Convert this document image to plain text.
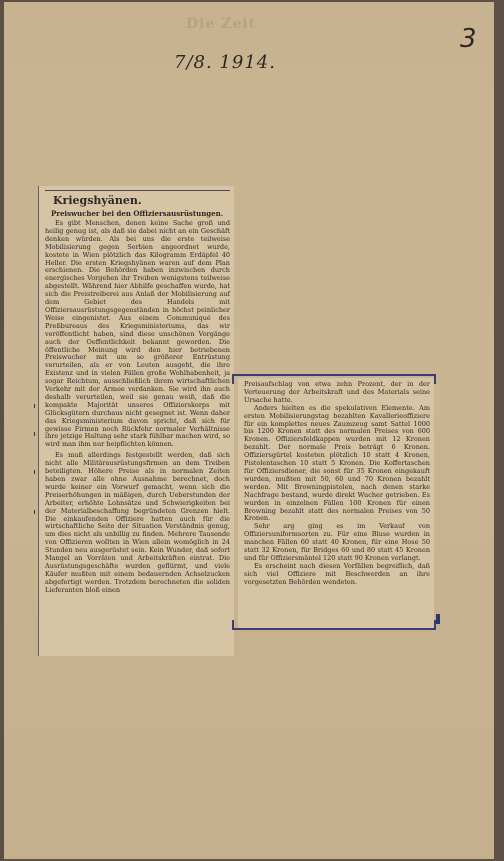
Die Zeit
7/8. 1914.
3
Kriegshyänen.
Preiswucher bei den Offiziersausrüstungen.

Es gibt Menschen, denen keine Sache groß und heilig genug ist, als daß sie dabei nicht an ein Geschäft denken würden. Als bei uns die erste teilweise Mobilisierung gegen Serbien angeordnet wurde, kostete in Wien plötzlich das Kilogramm Erdäpfel 40 Heller. Die ersten Kriegshyänen waren auf dem Plan erschienen. Die Behörden haben inzwischen durch energisches Vorgehen ihr Treiben wenigstens teilweise abgestellt. Während hier Abhilfe geschaffen wurde, hat sich die Preistreiberei aus Anlaß der Mobilisierung auf dem Gebiet des Handels mit Offiziersausrüstungsgegenständen in höchst peinlicher Weise eingenistet. Aus einem Communiqué des Preßbureaus des Kriegsministeriums, das wir veröffentlicht haben, sind diese unschönen Vorgänge auch der Oeffentlichkeit bekannt geworden. Die öffentliche Meinung wird den hier betriebenen Preiswucher mit um so größerer Entrüstung verurteilen, als er von Leuten ausgeht, die ihre Existenz und in vielen Fällen große Wohlhabenheit, ja sogar Reichtum, ausschließlich ihrem wirtschaftlichen Verkehr mit der Armee verdanken. Sie wird ihn auch deshalb verurteilen, weil sie genau weiß, daß die kompakte Majorität unseres Offizierskorps mit Glücksgütern durchaus nicht gesegnet ist. Wenn daher das Kriegsministerium davon spricht, daß sich für gewisse Firmen noch Rückfehr normaler Verhältnisse ihre jetzige Haltung sehr stark fühlbar machen wird, so wird man ihm nur beipflichten können.

Es muß allerdings festgestellt werden, daß sich nicht alle Militärausrüstungsfirmen an dem Treiben beteiligten. Höhere Preise als in normalen Zeiten haben zwar alle ohne Ausnahme berechnet, doch wurde keiner ein Vorwurf gemacht, wenn sich die Preiserhöhungen in mäßigen, durch Ueberstunden der Arbeiter, erhöhte Lohnsätze und Schwierigkeiten bei der Materialbeschaffung begründeten Grenzen hielt. Die einkaufenden Offiziere hatten auch für die wirtschaftliche Seite der Situation Verständnis genug, um dies nicht als unbillig zu finden. Mehrere Tausende von Offizieren wollten in Wien allein womöglich in 24 Stunden neu ausgerüstet sein. Kein Wunder, daß sofort Mangel an Vorräten und Arbeitskräften eintrat. Die Ausrüstungsgeschäfte wurden geflürmt, und viele Käufer mußten mit einem bedauernden Achselzucken abgefertigt werden. Trotzdem berechneten die soliden Lieferanten bloß einen

Preisaufschlag von etwa zehn Prozent, der in der Verteuerung der Arbeitskraft und des Materials seine Ursache hatte.

Anders hielten es die spekulativen Elemente. Am ersten Mobilisierungstag bezahlten Kavallerieoffiziere für ein komplettes neues Zaumzeug samt Sattel 1000 bis 1200 Kronen statt des normalen Preises von 600 Kronen. Offiziersfeldkappen wurden mit 12 Kronen bezahlt. Der normale Preis beträgt 6 Kronen. Offiziersgürtel kosteten plötzlich 10 statt 4 Kronen, Pistolentaschen 10 statt 5 Kronen. Die Koffertaschen für Offiziersdiener, die sonst für 35 Kronen eingekauft wurden, mußten mit 50, 60 und 70 Kronen bezahlt werden. Mit Browningpistolen, nach denen starke Nachfrage bestand, wurde direkt Wucher getrieben. Es wurden in einzelnen Fällen 100 Kronen für einen Browning bezahlt statt des normalen Preises von 50 Kronen.

Sehr arg ging es im Verkauf von Offiziersuniformsorten zu. Für eine Bluse wurden in manchen Fällen 60 statt 40 Kronen, für eine Hose 50 statt 32 Kronen, für Bridges 60 und 80 statt 45 Kronen und für Offiziersmäntel 120 statt 90 Kronen verlangt.

Es erscheint nach diesen Vorfällen begreiflich, daß sich viel Offiziere mit Beschwerden an ihre vorgesetzten Behörden wendeten.
